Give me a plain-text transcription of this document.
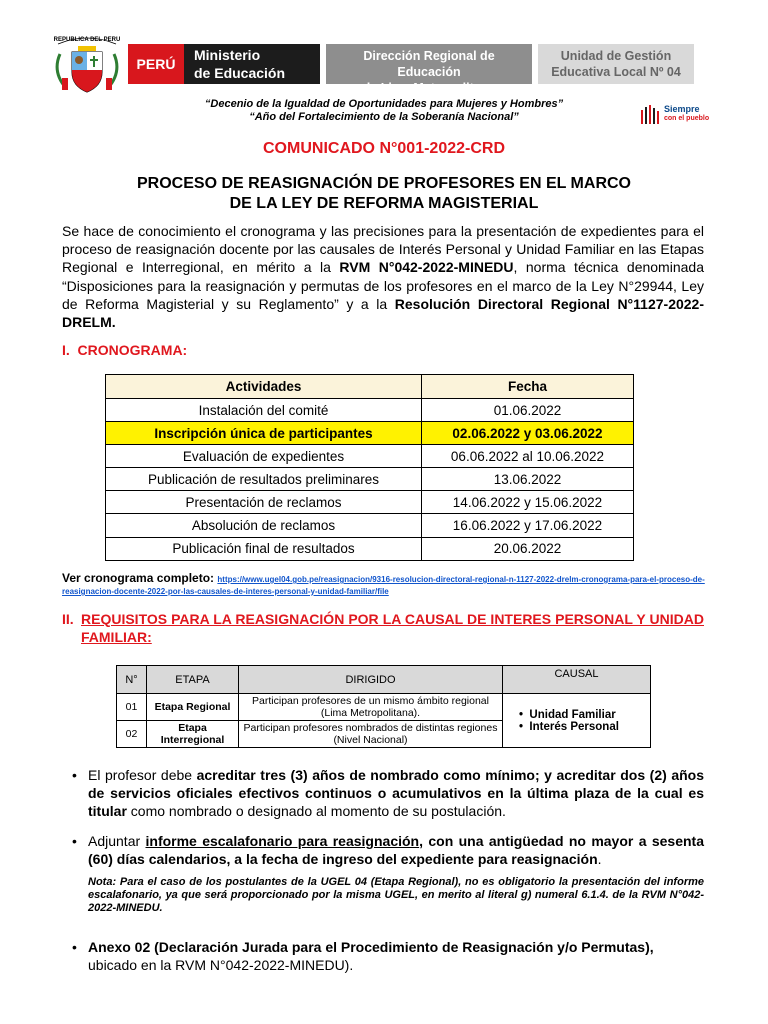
REPUBLICA DEL PERU
PERÚ
Ministerio
de Educación
Dirección Regional de Educación
de Lima Metropolitana
Unidad de Gestión
Educativa Local Nº 04
“Decenio de la Igualdad de Oportunidades para Mujeres y Hombres”
“Año del Fortalecimiento de la Soberanía Nacional”
Siempre
con el pueblo
COMUNICADO N°001-2022-CRD
PROCESO DE REASIGNACIÓN DE PROFESORES EN EL MARCO
DE LA LEY DE REFORMA MAGISTERIAL
Se hace de conocimiento el cronograma y las precisiones para la presentación de expedientes para el proceso de reasignación docente por las causales de Interés Personal y Unidad Familiar en las Etapas Regional e Interregional, en mérito a la RVM N°042-2022-MINEDU, norma técnica denominada “Disposiciones para la reasignación y permutas de los profesores en el marco de la Ley N°29944, Ley de Reforma Magisterial y su Reglamento” y a la Resolución Directoral Regional N°1127-2022-DRELM.
I.  CRONOGRAMA:
Actividades	Fecha
Instalación del comité	01.06.2022
Inscripción única de participantes	02.06.2022 y 03.06.2022
Evaluación de expedientes	06.06.2022 al 10.06.2022
Publicación de resultados preliminares	13.06.2022
Presentación de reclamos	14.06.2022 y 15.06.2022
Absolución de reclamos	16.06.2022 y 17.06.2022
Publicación final de resultados	20.06.2022
Ver cronograma completo: https://www.ugel04.gob.pe/reasignacion/9316-resolucion-directoral-regional-n-1127-2022-drelm-cronograma-para-el-proceso-de-reasignacion-docente-2022-por-las-causales-de-interes-personal-y-unidad-familiar/file
II. REQUISITOS PARA LA REASIGNACIÓN POR LA CAUSAL DE INTERES PERSONAL Y UNIDAD FAMILIAR:
N°	ETAPA	DIRIGIDO	CAUSAL
01	Etapa Regional	Participan profesores de un mismo ámbito regional (Lima Metropolitana).	• Unidad Familiar
• Interés Personal

02	Etapa Interregional	Participan profesores nombrados de distintas regiones (Nivel Nacional)	
• El profesor debe acreditar tres (3) años de nombrado como mínimo; y acreditar dos (2) años de servicios oficiales efectivos continuos o acumulativos en la última plaza de la cual es titular como nombrado o designado al momento de su postulación.
• Adjuntar informe escalafonario para reasignación, con una antigüedad no mayor a sesenta (60) días calendarios, a la fecha de ingreso del expediente para reasignación.
Nota: Para el caso de los postulantes de la UGEL 04 (Etapa Regional), no es obligatorio la presentación del informe escalafonario, ya que será proporcionado por la misma UGEL, en merito al literal g) numeral 6.1.4. de la RVM N°042-2022-MINEDU.
• Anexo 02 (Declaración Jurada para el Procedimiento de Reasignación y/o Permutas), ubicado en la RVM N°042-2022-MINEDU).
